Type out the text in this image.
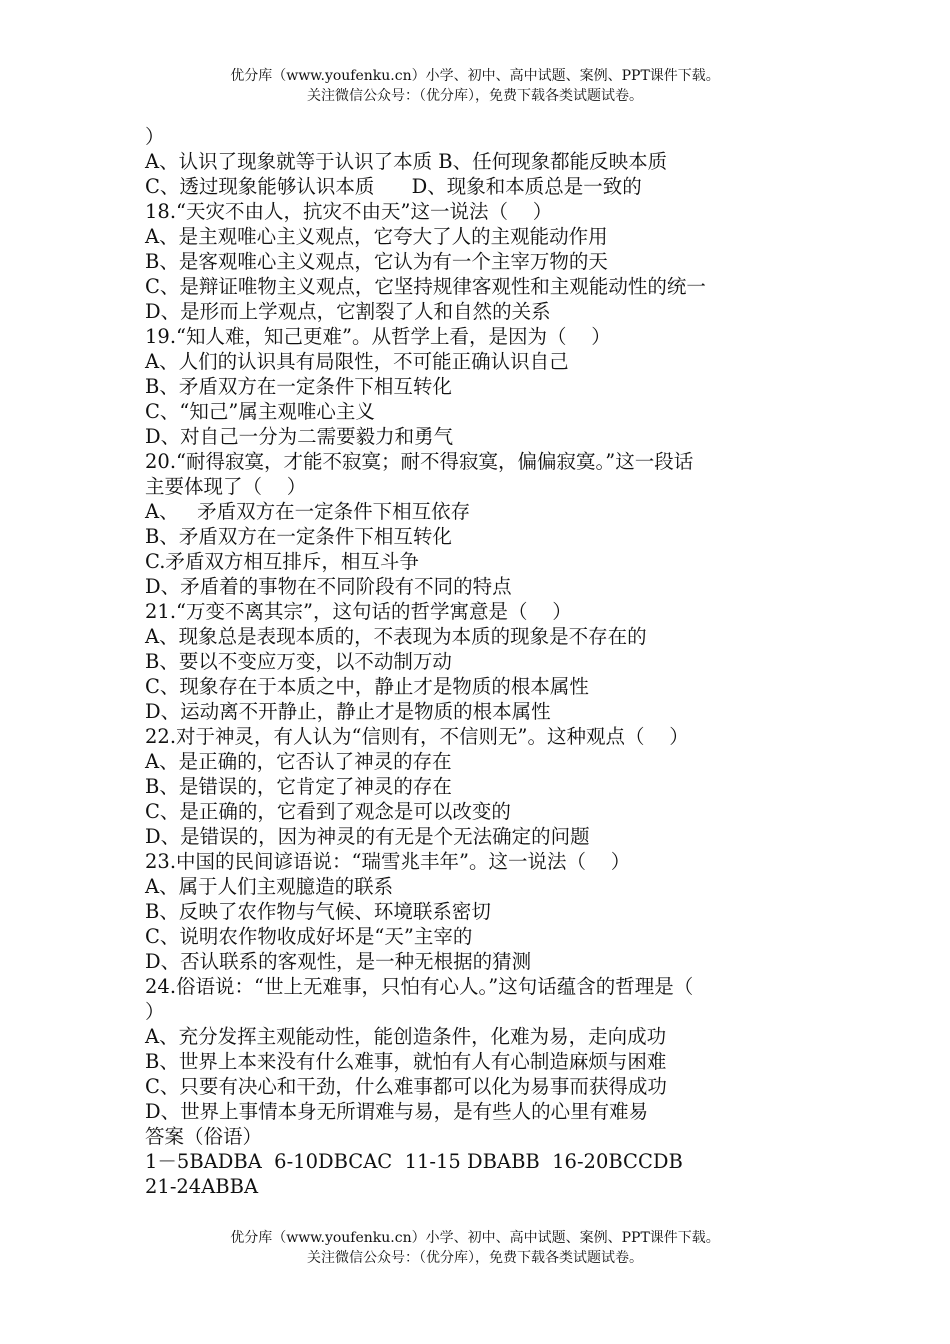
优分库（www.youfenku.cn）小学、初中、高中试题、案例、PPT课件下载。
关注微信公众号：（优分库），免费下载各类试题试卷。
）
A、认识了现象就等于认识了本质 B、任何现象都能反映本质
C、透过现象能够认识本质      D、现象和本质总是一致的
18.“天灾不由人，抗灾不由天”这一说法（    ）
A、是主观唯心主义观点，它夸大了人的主观能动作用
B、是客观唯心主义观点，它认为有一个主宰万物的天
C、是辩证唯物主义观点，它坚持规律客观性和主观能动性的统一
D、是形而上学观点，它割裂了人和自然的关系
19.“知人难，知己更难”。从哲学上看，是因为（    ）
A、人们的认识具有局限性，不可能正确认识自己
B、矛盾双方在一定条件下相互转化
C、“知己”属主观唯心主义
D、对自己一分为二需要毅力和勇气
20.“耐得寂寞，才能不寂寞；耐不得寂寞，偏偏寂寞。”这一段话
主要体现了（    ）
A、   矛盾双方在一定条件下相互依存
B、矛盾双方在一定条件下相互转化
C.矛盾双方相互排斥，相互斗争
D、矛盾着的事物在不同阶段有不同的特点
21.“万变不离其宗”，这句话的哲学寓意是（    ）
A、现象总是表现本质的，不表现为本质的现象是不存在的
B、要以不变应万变，以不动制万动
C、现象存在于本质之中，静止才是物质的根本属性
D、运动离不开静止，静止才是物质的根本属性
22.对于神灵，有人认为“信则有，不信则无”。这种观点（    ）
A、是正确的，它否认了神灵的存在
B、是错误的，它肯定了神灵的存在
C、是正确的，它看到了观念是可以改变的
D、是错误的，因为神灵的有无是个无法确定的问题
23.中国的民间谚语说：“瑞雪兆丰年”。这一说法（    ）
A、属于人们主观臆造的联系
B、反映了农作物与气候、环境联系密切
C、说明农作物收成好坏是“天”主宰的
D、否认联系的客观性，是一种无根据的猜测
24.俗语说：“世上无难事，只怕有心人。”这句话蕴含的哲理是（
）
A、充分发挥主观能动性，能创造条件，化难为易，走向成功
B、世界上本来没有什么难事，就怕有人有心制造麻烦与困难
C、只要有决心和干劲，什么难事都可以化为易事而获得成功
D、世界上事情本身无所谓难与易，是有些人的心里有难易
答案（俗语）
1－5BADBA  6-10DBCAC  11-15 DBABB  16-20BCCDB
21-24ABBA
优分库（www.youfenku.cn）小学、初中、高中试题、案例、PPT课件下载。
关注微信公众号：（优分库），免费下载各类试题试卷。
